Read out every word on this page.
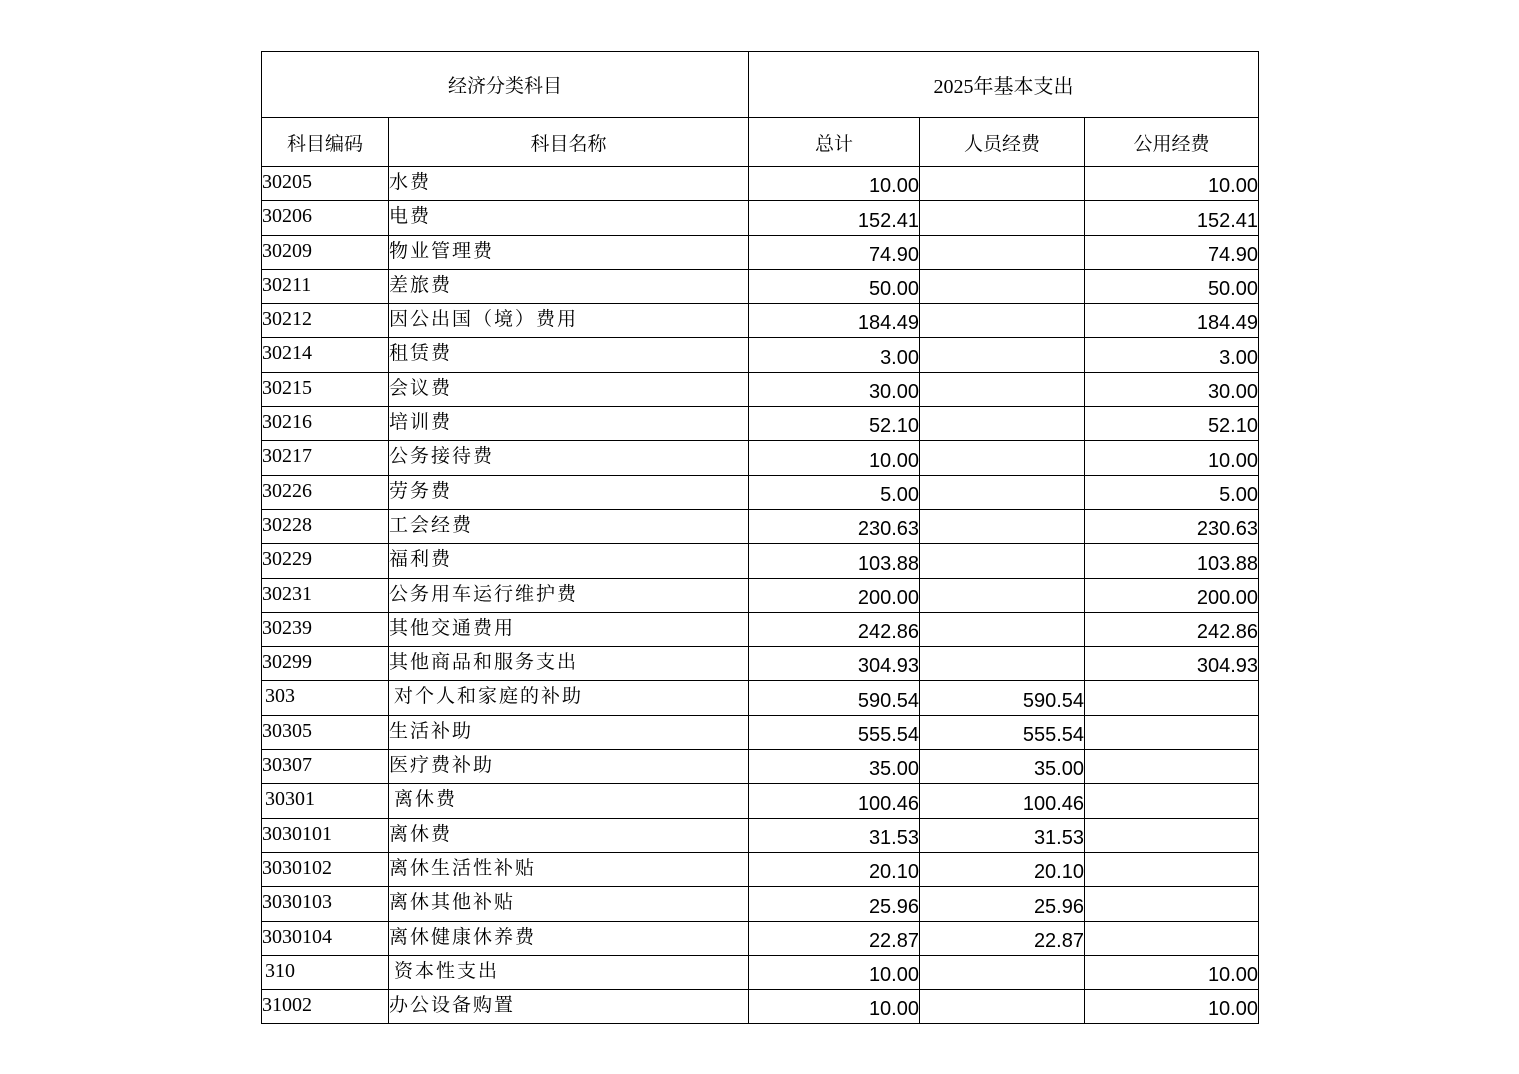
经济分类科目		2025年基本支出		
科目编码	科目名称	总计	人员经费	公用经费
30205	水费	10.00		10.00
30206	电费	152.41		152.41
30209	物业管理费	74.90		74.90
30211	差旅费	50.00		50.00
30212	因公出国（境）费用	184.49		184.49
30214	租赁费	3.00		3.00
30215	会议费	30.00		30.00
30216	培训费	52.10		52.10
30217	公务接待费	10.00		10.00
30226	劳务费	5.00		5.00
30228	工会经费	230.63		230.63
30229	福利费	103.88		103.88
30231	公务用车运行维护费	200.00		200.00
30239	其他交通费用	242.86		242.86
30299	其他商品和服务支出	304.93		304.93
303	对个人和家庭的补助	590.54	590.54	
30305	生活补助	555.54	555.54	
30307	医疗费补助	35.00	35.00	
30301	离休费	100.46	100.46	
3030101	离休费	31.53	31.53	
3030102	离休生活性补贴	20.10	20.10	
3030103	离休其他补贴	25.96	25.96	
3030104	离休健康休养费	22.87	22.87	
310	资本性支出	10.00		10.00
31002	办公设备购置	10.00		10.00
